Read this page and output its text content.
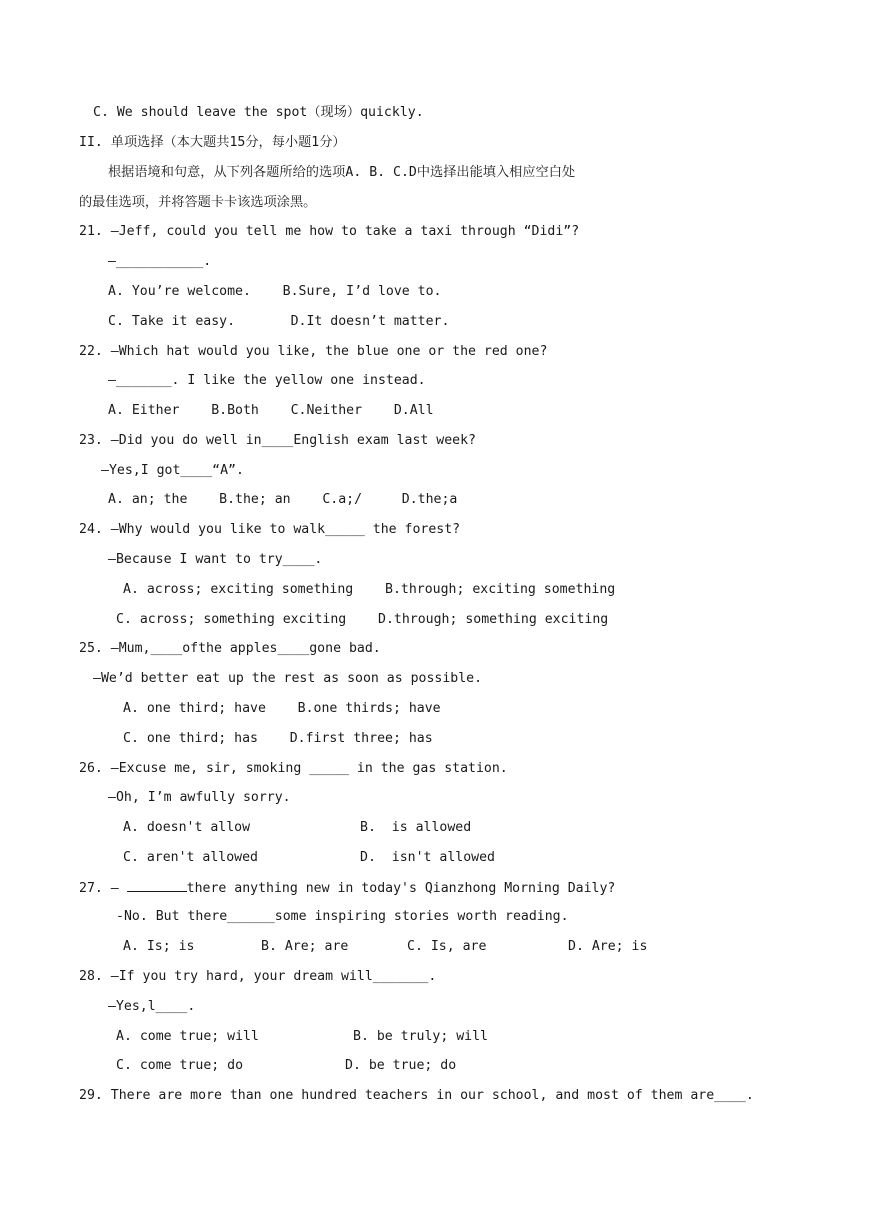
C. We should leave the spot（现场）quickly.
II. 单项选择（本大题共15分，每小题1分）
根据语境和句意，从下列各题所给的选项A. B. C.D中选择出能填入相应空白处
的最佳选项，并将答题卡卡该选项涂黑。
21. —Jeff, could you tell me how to take a taxi through “Didi”?
—___________.
A. You’re welcome.    B.Sure, I’d love to.
C. Take it easy.       D.It doesn’t matter.
22. —Which hat would you like, the blue one or the red one?
—_______. I like the yellow one instead.
A. Either    B.Both    C.Neither    D.All
23. —Did you do well in____English exam last week?
—Yes,I got____“A”.
A. an; the    B.the; an    C.a;/     D.the;a
24. —Why would you like to walk_____ the forest?
—Because I want to try____.
A. across; exciting something    B.through; exciting something
C. across; something exciting    D.through; something exciting
25. —Mum,____ofthe apples____gone bad.
—We’d better eat up the rest as soon as possible.
A. one third; have    B.one thirds; have
C. one third; has    D.first three; has
26. —Excuse me, sir, smoking _____ in the gas station.
—Oh, I’m awfully sorry.
A. doesn't allow	B.  is allowed
C. aren't allowed	D.  isn't allowed
27. —	there anything new in today's Qianzhong Morning Daily?
-No. But there______some inspiring stories worth reading.
A. Is; is	B. Are; are	C. Is, are	D. Are; is
28. —If you try hard, your dream will_______.
—Yes,l____.
A. come true; will	B. be truly; will
C. come true; do	D. be true; do
29. There are more than one hundred teachers in our school, and most of them are____.
